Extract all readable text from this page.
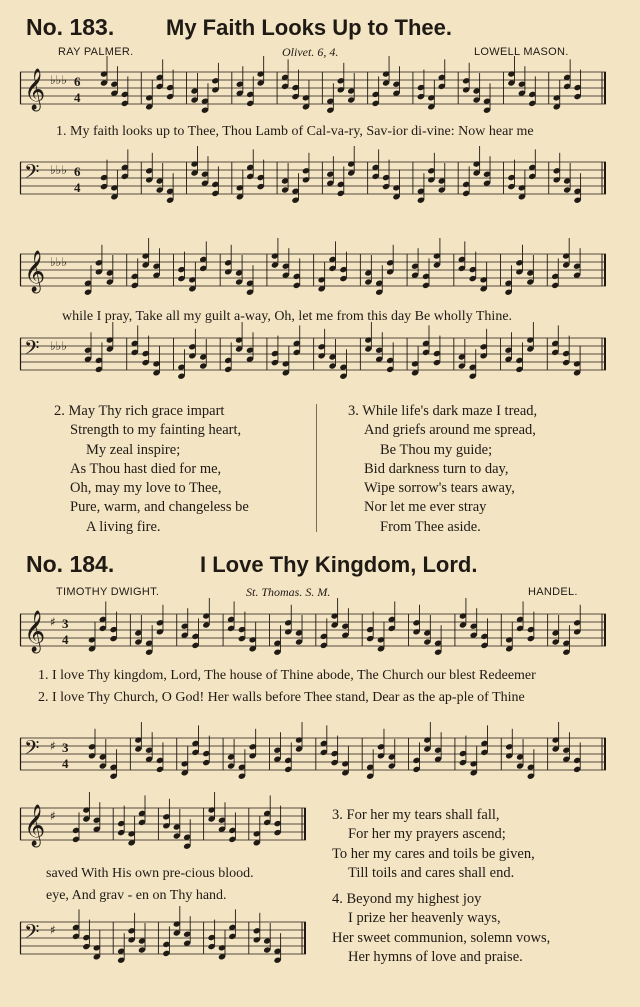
No. 183. My Faith Looks Up to Thee.
RAY PALMER.	Olivet. 6, 4.	LOWELL MASON.
𝄞 ♭♭♭ 6
4
1. My faith looks up to Thee, Thou Lamb of Cal-va-ry, Sav-ior di-vine: Now hear me
𝄢 ♭♭♭ 6
4
𝄞 ♭♭♭
while I pray, Take all my guilt a-way, Oh, let me from this day Be wholly Thine.
𝄢 ♭♭♭
2. May Thy rich grace impart
Strength to my fainting heart,
My zeal inspire;
As Thou hast died for me,
Oh, may my love to Thee,
Pure, warm, and changeless be
A living fire.
3. While life's dark maze I tread,
And griefs around me spread,
Be Thou my guide;
Bid darkness turn to day,
Wipe sorrow's tears away,
Nor let me ever stray
From Thee aside.
No. 184.	I Love Thy Kingdom, Lord.
TIMOTHY DWIGHT.	St. Thomas. S. M.	HANDEL.
𝄞 ♯ 3
4
1. I love Thy kingdom, Lord, The house of Thine abode, The Church our blest Redeemer
2. I love Thy Church, O God! Her walls before Thee stand, Dear as the ap-ple of Thine
𝄢 ♯ 3
4
𝄞 ♯
saved With His own pre-cious blood.
eye, And grav - en on Thy hand.
𝄢 ♯
3. For her my tears shall fall,
For her my prayers ascend;
To her my cares and toils be given,
Till toils and cares shall end.
4. Beyond my highest joy
I prize her heavenly ways,
Her sweet communion, solemn vows,
Her hymns of love and praise.
